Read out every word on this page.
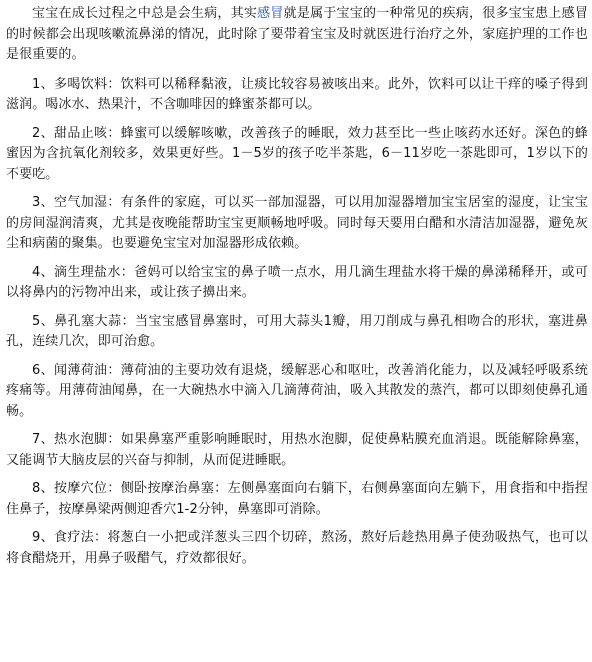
宝宝在成长过程之中总是会生病，其实感冒就是属于宝宝的一种常见的疾病，很多宝宝患上感冒的时候都会出现咳嗽流鼻涕的情况，此时除了要带着宝宝及时就医进行治疗之外，家庭护理的工作也是很重要的。

1、多喝饮料：饮料可以稀释黏液，让痰比较容易被咳出来。此外，饮料可以让干痒的嗓子得到滋润。喝冰水、热果汁，不含咖啡因的蜂蜜茶都可以。

2、甜品止咳：蜂蜜可以缓解咳嗽，改善孩子的睡眠，效力甚至比一些止咳药水还好。深色的蜂蜜因为含抗氧化剂较多，效果更好些。1－5岁的孩子吃半茶匙，6－11岁吃一茶匙即可，1岁以下的不要吃。

3、空气加湿：有条件的家庭，可以买一部加湿器，可以用加湿器增加宝宝居室的湿度，让宝宝的房间湿润清爽，尤其是夜晚能帮助宝宝更顺畅地呼吸。同时每天要用白醋和水清洁加湿器，避免灰尘和病菌的聚集。也要避免宝宝对加湿器形成依赖。

4、滴生理盐水：爸妈可以给宝宝的鼻子喷一点水，用几滴生理盐水将干燥的鼻涕稀释开，或可以将鼻内的污物冲出来，或让孩子擤出来。

5、鼻孔塞大蒜：当宝宝感冒鼻塞时，可用大蒜头1瓣，用刀削成与鼻孔相吻合的形状，塞进鼻孔，连续几次，即可治愈。

6、闻薄荷油：薄荷油的主要功效有退烧，缓解恶心和呕吐，改善消化能力，以及减轻呼吸系统疼痛等。用薄荷油闻鼻，在一大碗热水中滴入几滴薄荷油，吸入其散发的蒸汽，都可以即刻使鼻孔通畅。

7、热水泡脚：如果鼻塞严重影响睡眠时，用热水泡脚，促使鼻粘膜充血消退。既能解除鼻塞，又能调节大脑皮层的兴奋与抑制，从而促进睡眠。

8、按摩穴位：侧卧按摩治鼻塞：左侧鼻塞面向右躺下，右侧鼻塞面向左躺下，用食指和中指捏住鼻子，按摩鼻梁两侧迎香穴1-2分钟，鼻塞即可消除。

9、食疗法：将葱白一小把或洋葱头三四个切碎，熬汤，熬好后趁热用鼻子使劲吸热气，也可以将食醋烧开，用鼻子吸醋气，疗效都很好。
